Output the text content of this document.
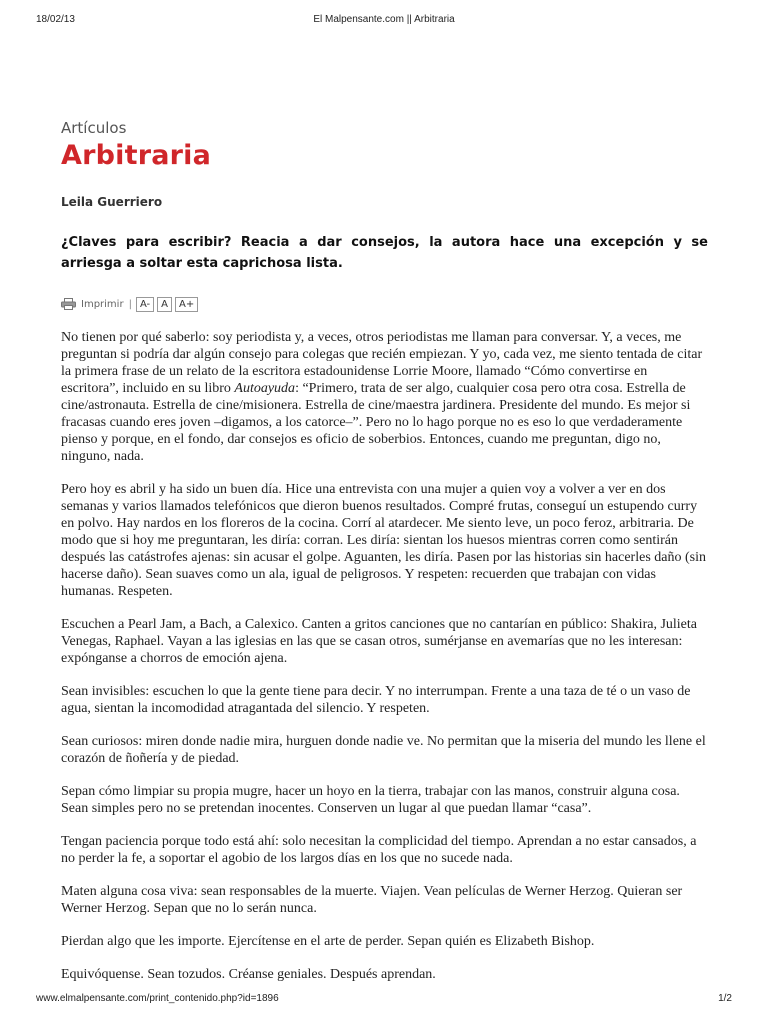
18/02/13	El Malpensante.com || Arbitraria
Artículos
Arbitraria
Leila Guerriero
¿Claves para escribir? Reacia a dar consejos, la autora hace una excepción y se arriesga a soltar esta caprichosa lista.
Imprimir | A-	A	A+

No tienen por qué saberlo: soy periodista y, a veces, otros periodistas me llaman para conversar. Y, a veces, me preguntan si podría dar algún consejo para colegas que recién empiezan. Y yo, cada vez, me siento tentada de citar la primera frase de un relato de la escritora estadounidense Lorrie Moore, llamado “Cómo convertirse en escritora”, incluido en su libro Autoayuda: “Primero, trata de ser algo, cualquier cosa pero otra cosa. Estrella de cine/astronauta. Estrella de cine/misionera. Estrella de cine/maestra jardinera. Presidente del mundo. Es mejor si fracasas cuando eres joven –digamos, a los catorce–”. Pero no lo hago porque no es eso lo que verdaderamente pienso y porque, en el fondo, dar consejos es oficio de soberbios. Entonces, cuando me preguntan, digo no, ninguno, nada.

Pero hoy es abril y ha sido un buen día. Hice una entrevista con una mujer a quien voy a volver a ver en dos semanas y varios llamados telefónicos que dieron buenos resultados. Compré frutas, conseguí un estupendo curry en polvo. Hay nardos en los floreros de la cocina. Corrí al atardecer. Me siento leve, un poco feroz, arbitraria. De modo que si hoy me preguntaran, les diría: corran. Les diría: sientan los huesos mientras corren como sentirán después las catástrofes ajenas: sin acusar el golpe. Aguanten, les diría. Pasen por las historias sin hacerles daño (sin hacerse daño). Sean suaves como un ala, igual de peligrosos. Y respeten: recuerden que trabajan con vidas humanas. Respeten.

Escuchen a Pearl Jam, a Bach, a Calexico. Canten a gritos canciones que no cantarían en público: Shakira, Julieta Venegas, Raphael. Vayan a las iglesias en las que se casan otros, sumérjanse en avemarías que no les interesan: expónganse a chorros de emoción ajena.

Sean invisibles: escuchen lo que la gente tiene para decir. Y no interrumpan. Frente a una taza de té o un vaso de agua, sientan la incomodidad atragantada del silencio. Y respeten.

Sean curiosos: miren donde nadie mira, hurguen donde nadie ve. No permitan que la miseria del mundo les llene el corazón de ñoñería y de piedad.

Sepan cómo limpiar su propia mugre, hacer un hoyo en la tierra, trabajar con las manos, construir alguna cosa. Sean simples pero no se pretendan inocentes. Conserven un lugar al que puedan llamar “casa”.

Tengan paciencia porque todo está ahí: solo necesitan la complicidad del tiempo. Aprendan a no estar cansados, a no perder la fe, a soportar el agobio de los largos días en los que no sucede nada.

Maten alguna cosa viva: sean responsables de la muerte. Viajen. Vean películas de Werner Herzog. Quieran ser Werner Herzog. Sepan que no lo serán nunca.

Pierdan algo que les importe. Ejercítense en el arte de perder. Sepan quién es Elizabeth Bishop.

Equivóquense. Sean tozudos. Créanse geniales. Después aprendan.

www.elmalpensante.com/print_contenido.php?id=1896	1/2
